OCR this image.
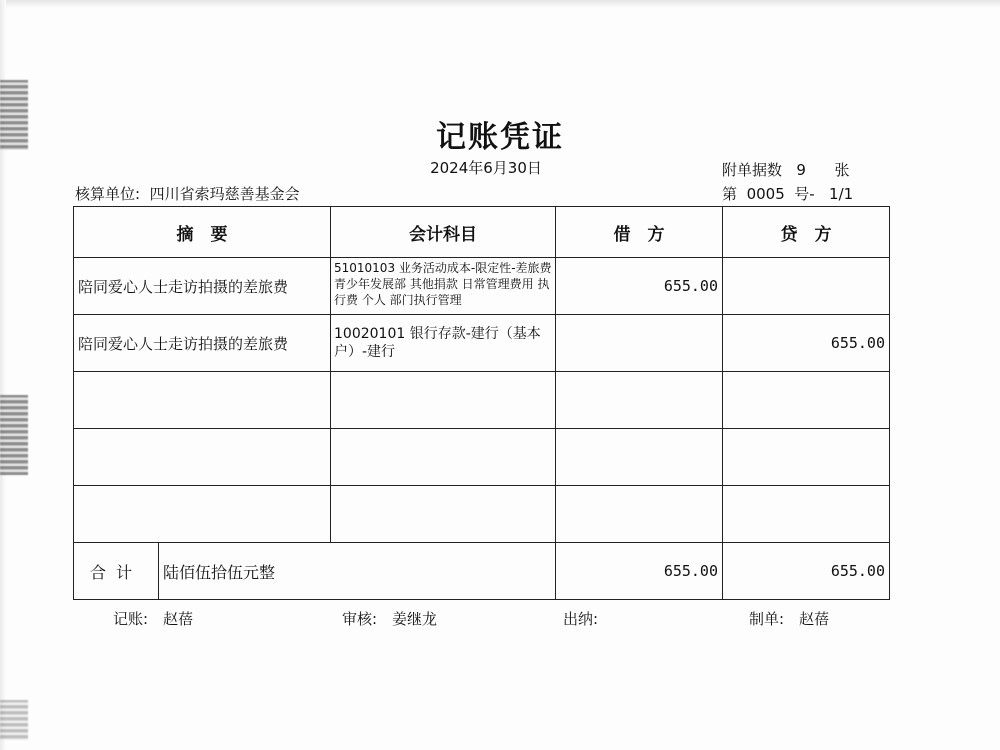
记账凭证
2024年6月30日	附单据数 9 张
核算单位: 四川省索玛慈善基金会	第 0005 号- 1/1
摘　要		会计科目	借　方	贷　方
陪同爱心人士走访拍摄的差旅费		51010103 业务活动成本-限定性-差旅费 青少年发展部 其他捐款 日常管理费用 执行费 个人 部门执行管理	655.00	
陪同爱心人士走访拍摄的差旅费		10020101 银行存款-建行（基本户）-建行		655.00

合计	陆佰伍拾伍元整		655.00	655.00
记账:　赵蓓	审核:　姜继龙	出纳:	制单:　赵蓓
